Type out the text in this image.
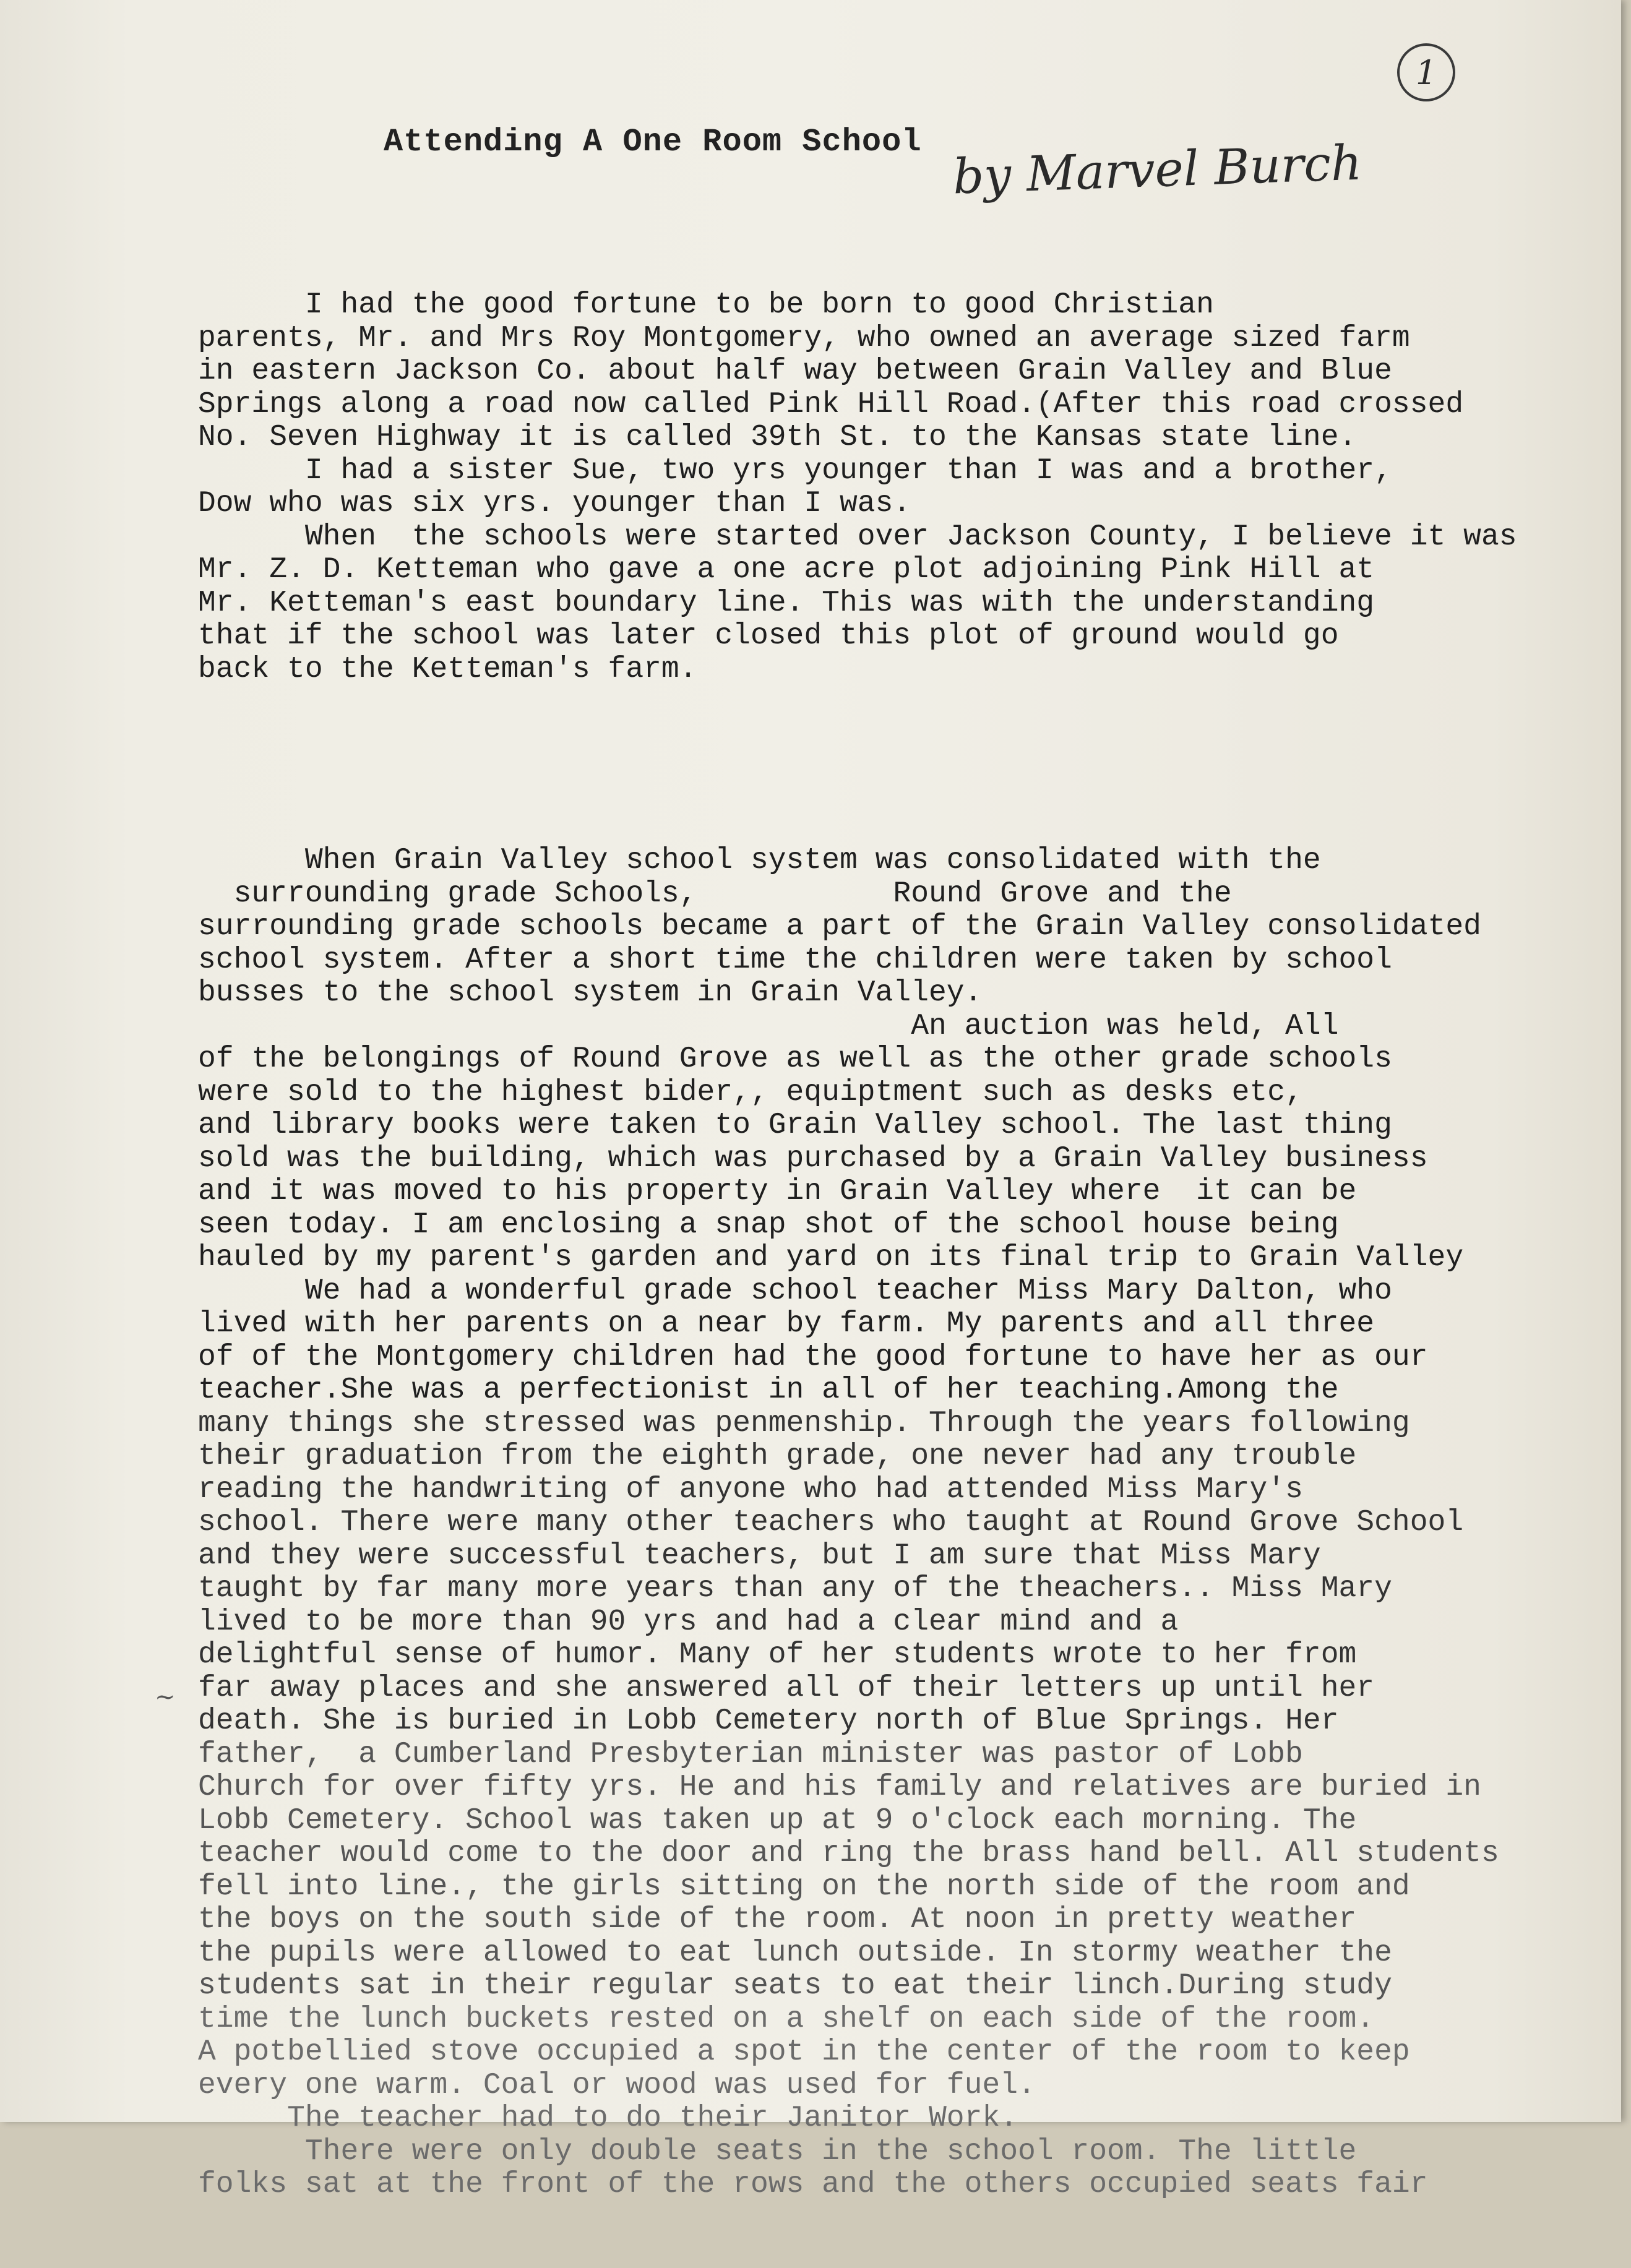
1
Attending A One Room School by Marvel Burch

I had the good fortune to be born to good Christian
parents, Mr. and Mrs Roy Montgomery, who owned an average sized farm
in eastern Jackson Co. about half way between Grain Valley and Blue
Springs along a road now called Pink Hill Road.(After this road crossed
No. Seven Highway it is called 39th St. to the Kansas state line.
I had a sister Sue, two yrs younger than I was and a brother,
Dow who was six yrs. younger than I was.
When  the schools were started over Jackson County, I believe it was
Mr. Z. D. Ketteman who gave a one acre plot adjoining Pink Hill at
Mr. Ketteman's east boundary line. This was with the understanding
that if the school was later closed this plot of ground would go
back to the Ketteman's farm.

When Grain Valley school system was consolidated with the
surrounding grade Schools,           Round Grove and the
surrounding grade schools became a part of the Grain Valley consolidated
school system. After a short time the children were taken by school
busses to the school system in Grain Valley.
An auction was held, All
of the belongings of Round Grove as well as the other grade schools
were sold to the highest bider,, equiptment such as desks etc,
and library books were taken to Grain Valley school. The last thing
sold was the building, which was purchased by a Grain Valley business
and it was moved to his property in Grain Valley where  it can be
seen today. I am enclosing a snap shot of the school house being
hauled by my parent's garden and yard on its final trip to Grain Valley
We had a wonderful grade school teacher Miss Mary Dalton, who
lived with her parents on a near by farm. My parents and all three
of of the Montgomery children had the good fortune to have her as our
teacher.She was a perfectionist in all of her teaching.Among the
many things she stressed was penmenship. Through the years following
their graduation from the eighth grade, one never had any trouble
reading the handwriting of anyone who had attended Miss Mary's
school. There were many other teachers who taught at Round Grove School
and they were successful teachers, but I am sure that Miss Mary
taught by far many more years than any of the theachers.. Miss Mary
lived to be more than 90 yrs and had a clear mind and a
delightful sense of humor. Many of her students wrote to her from
far away places and she answered all of their letters up until her
death. She is buried in Lobb Cemetery north of Blue Springs. Her
father,  a Cumberland Presbyterian minister was pastor of Lobb
Church for over fifty yrs. He and his family and relatives are buried in
Lobb Cemetery. School was taken up at 9 o'clock each morning. The
teacher would come to the door and ring the brass hand bell. All students
fell into line., the girls sitting on the north side of the room and
the boys on the south side of the room. At noon in pretty weather
the pupils were allowed to eat lunch outside. In stormy weather the
students sat in their regular seats to eat their linch.During study
time the lunch buckets rested on a shelf on each side of the room.
A potbellied stove occupied a spot in the center of the room to keep
every one warm. Coal or wood was used for fuel.
The teacher had to do their Janitor Work.
There were only double seats in the school room. The little
folks sat at the front of the rows and the others occupied seats fair

~
